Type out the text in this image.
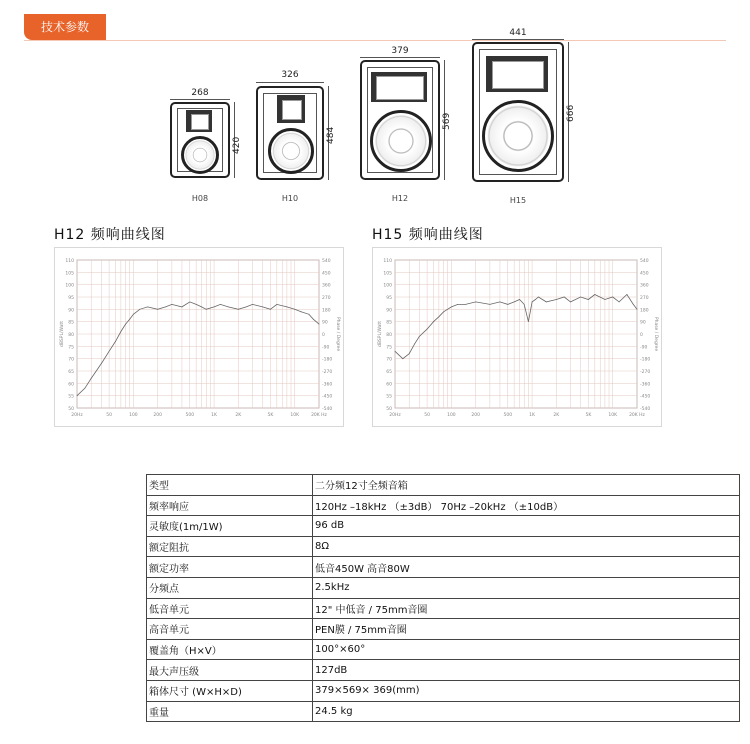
技术参数
268
420
H08
326
484
H10
379
569
H12
441
666
H15
H12 频响曲线图	H15 频响曲线图
110	540
105	450
100	360
95	270
90	180
85	90
80	0
75	-90
70	-180
65	-270
60	-360
55	-450
50	-540
20Hz	50	100	200	500	1K	2K	5K	10K	20K Hz
dBSPL/Watt	Phase / Degree
110	540
105	450
100	360
95	270
90	180
85	90
80	0
75	-90
70	-180
65	-270
60	-360
55	-450
50	-540
20Hz	50	100	200	500	1K	2K	5K	10K	20K Hz
dBSPL/Watt	Phase / Degree
类型	二分频12寸全频音箱
频率响应	120Hz –18kHz （±3dB） 70Hz –20kHz （±10dB）
灵敏度(1m/1W)	96 dB
额定阻抗	8Ω
额定功率	低音450W 高音80W
分频点	2.5kHz
低音单元	12" 中低音 / 75mm音圈
高音单元	PEN膜 / 75mm音圈
覆盖角（H×V）	100°×60°
最大声压级	127dB
箱体尺寸 (W×H×D)	379×569× 369(mm)
重量	24.5 kg
